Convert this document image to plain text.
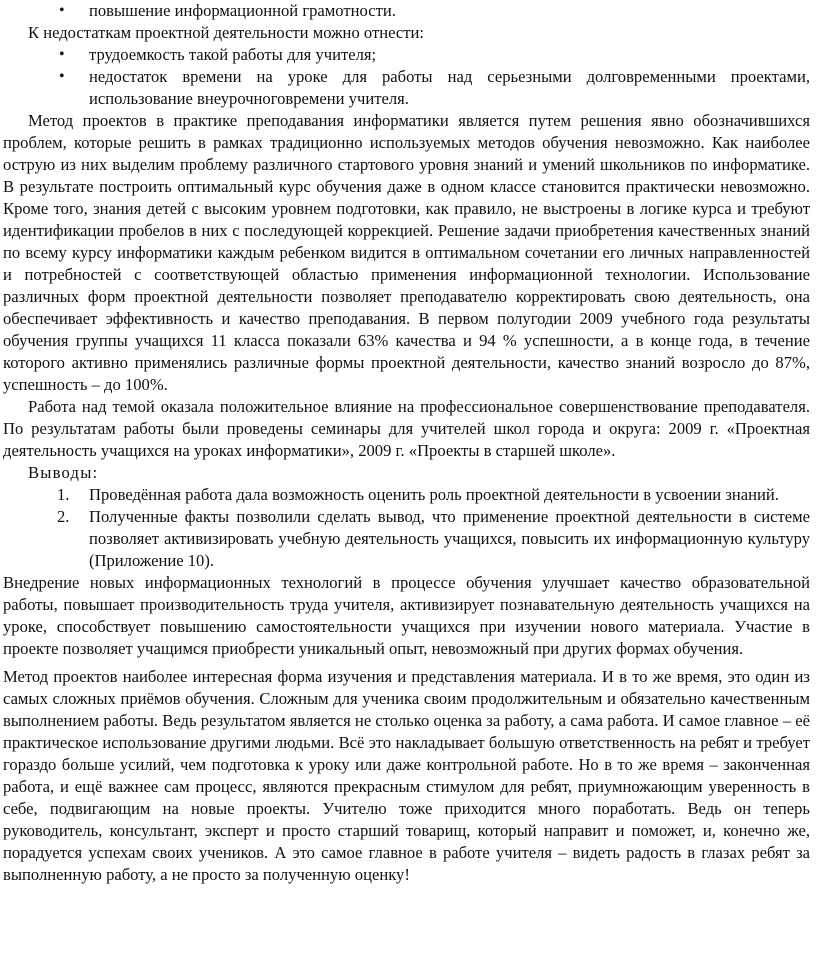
• повышение информационной грамотности.

К недостаткам проектной деятельности можно отнести:

• трудоемкость такой работы для учителя;
• недостаток времени на уроке для работы над серьезными долговременными проектами, использование внеурочноговремени учителя.

Метод проектов в практике преподавания информатики является путем решения явно обозначившихся проблем, которые решить в рамках традиционно используемых методов обучения невозможно. Как наиболее острую из них выделим проблему различного стартового уровня знаний и умений школьников по информатике. В результате построить оптимальный курс обучения даже в одном классе становится практически невозможно. Кроме того, знания детей с высоким уровнем подготовки, как правило, не выстроены в логике курса и требуют идентификации пробелов в них с последующей коррекцией. Решение задачи приобретения качественных знаний по всему курсу информатики каждым ребенком видится в оптимальном сочетании его личных направленностей и потребностей с соответствующей областью применения информационной технологии. Использование различных форм проектной деятельности позволяет преподавателю корректировать свою деятельность, она обеспечивает эффективность и качество преподавания. В первом полугодии 2009 учебного года результаты обучения группы учащихся 11 класса показали 63% качества и 94 % успешности, а в конце года, в течение которого активно применялись различные формы проектной деятельности, качество знаний возросло до 87%, успешность – до 100%.

Работа над темой оказала положительное влияние на профессиональное совершенствование преподавателя. По результатам работы были проведены семинары для учителей школ города и округа: 2009 г. «Проектная деятельность учащихся на уроках информатики», 2009 г. «Проекты в старшей школе».

Выводы:

1. Проведённая работа дала возможность оценить роль проектной деятельности в усвоении знаний.
2. Полученные факты позволили сделать вывод, что применение проектной деятельности в системе позволяет активизировать учебную деятельность учащихся, повысить их информационную культуру (Приложение 10).

Внедрение новых информационных технологий в процессе обучения улучшает качество образовательной работы, повышает производительность труда учителя, активизирует познавательную деятельность учащихся на уроке, способствует повышению самостоятельности учащихся при изучении нового материала. Участие в проекте позволяет учащимся приобрести уникальный опыт, невозможный при других формах обучения.

Метод проектов наиболее интересная форма изучения и представления материала. И в то же время, это один из самых сложных приёмов обучения. Сложным для ученика своим продолжительным и обязательно качественным выполнением работы. Ведь результатом является не столько оценка за работу, а сама работа. И самое главное – её практическое использование другими людьми. Всё это накладывает большую ответственность на ребят и требует гораздо больше усилий, чем подготовка к уроку или даже контрольной работе. Но в то же время – законченная работа, и ещё важнее сам процесс, являются прекрасным стимулом для ребят, приумножающим уверенность в себе, подвигающим на новые проекты. Учителю тоже приходится много поработать. Ведь он теперь руководитель, консультант, эксперт и просто старший товарищ, который направит и поможет, и, конечно же, порадуется успехам своих учеников. А это самое главное в работе учителя – видеть радость в глазах ребят за выполненную работу, а не просто за полученную оценку!
